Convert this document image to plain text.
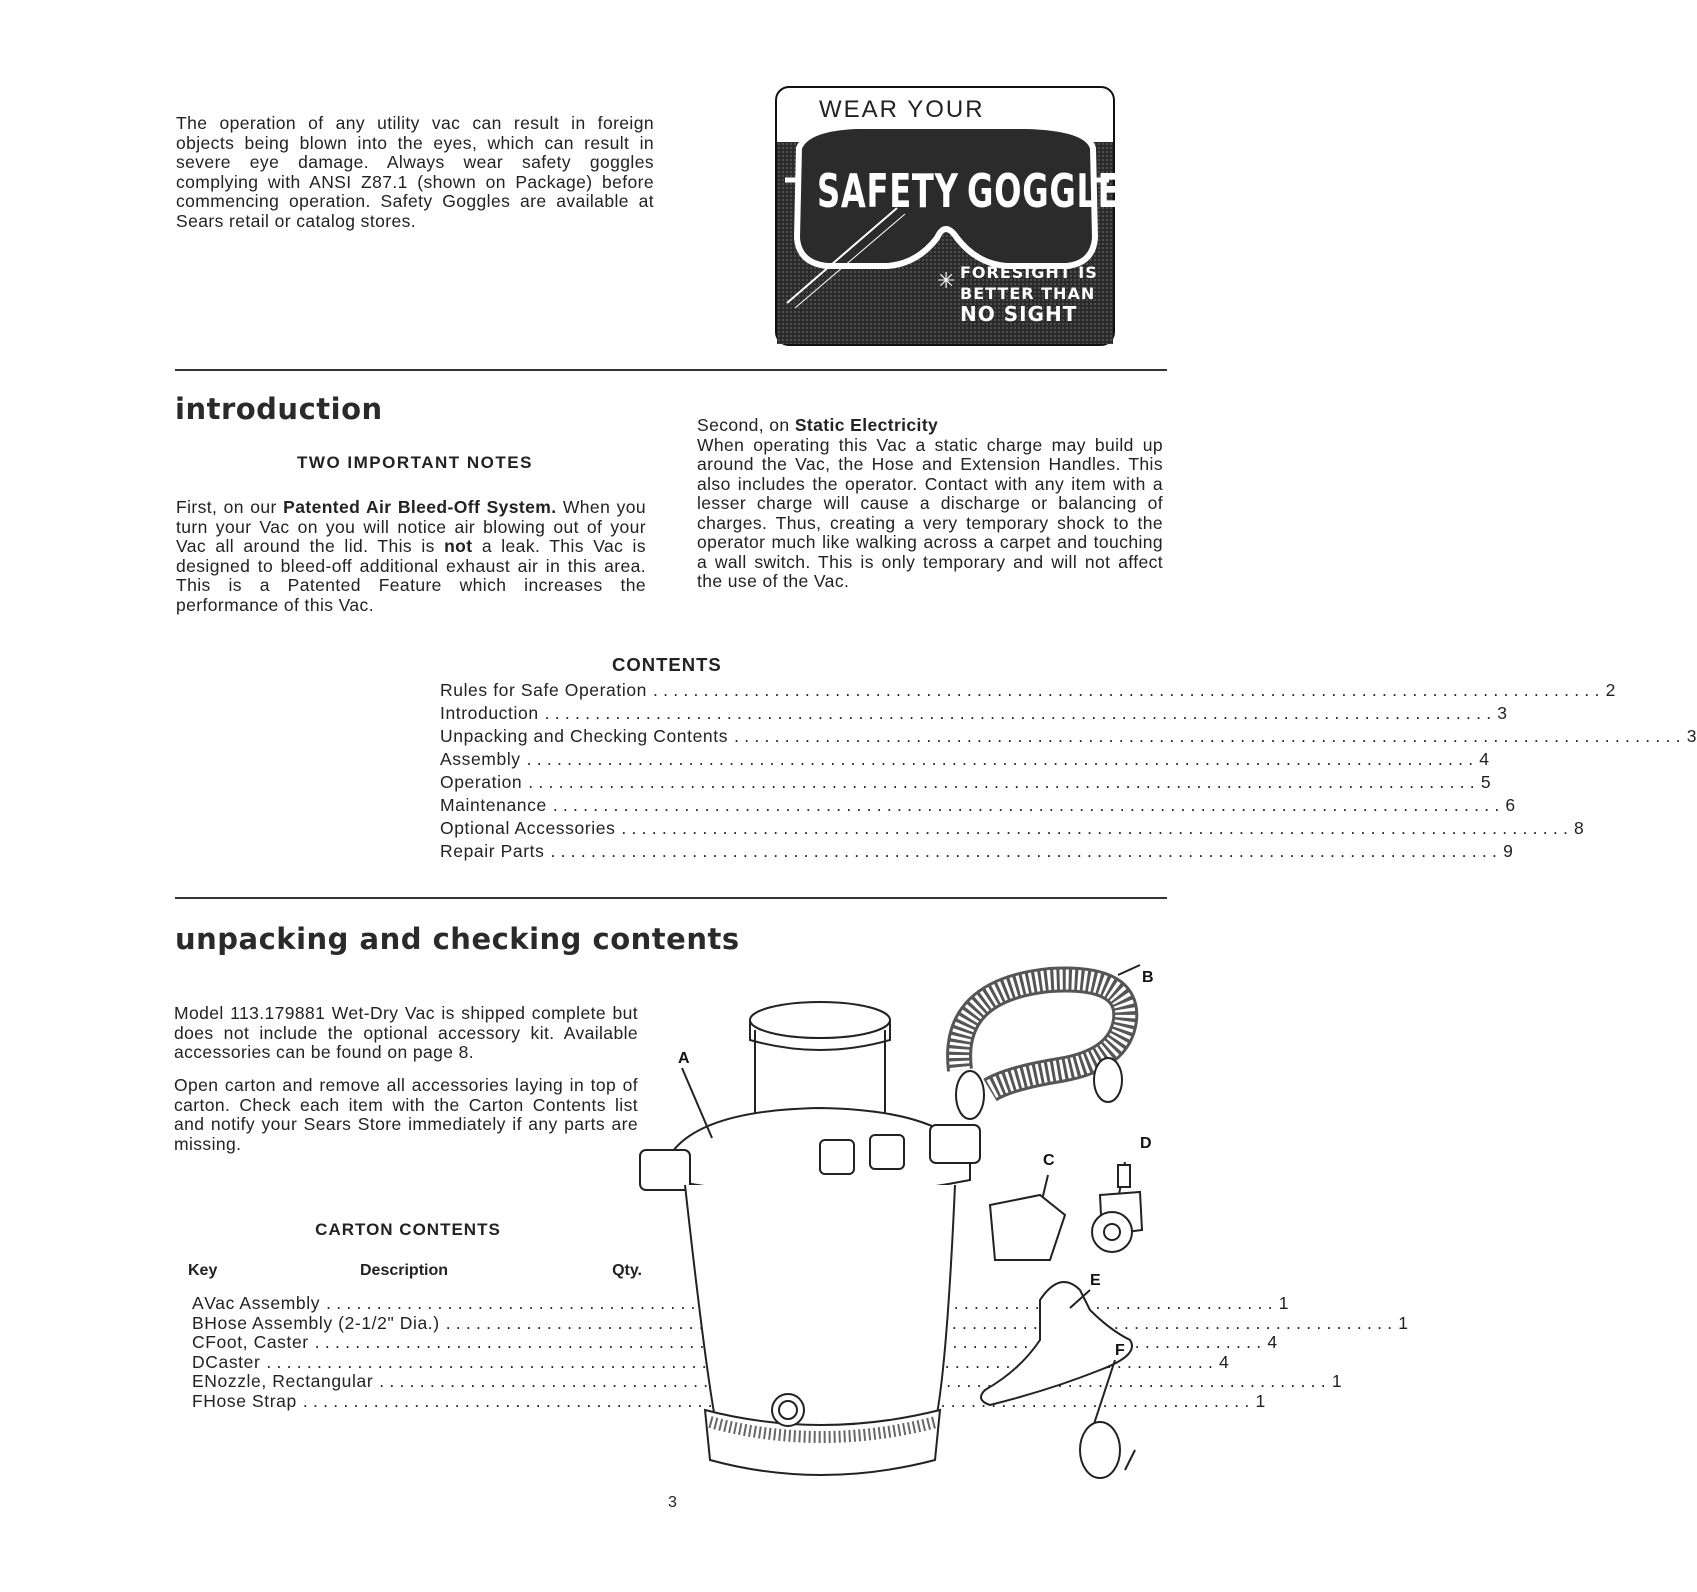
The operation of any utility vac can result in foreign objects being blown into the eyes, which can result in severe eye damage. Always wear safety goggles complying with ANSI Z87.1 (shown on Package) before commencing operation. Safety Goggles are available at Sears retail or catalog stores.
WEAR YOUR
✳
SAFETY GOGGLES
FORESIGHT IS
BETTER THAN
NO SIGHT
introduction
TWO IMPORTANT NOTES
First, on our Patented Air Bleed-Off System. When you turn your Vac on you will notice air blowing out of your Vac all around the lid. This is not a leak. This Vac is designed to bleed-off additional exhaust air in this area. This is a Patented Feature which increases the performance of this Vac.
Second, on Static Electricity
When operating this Vac a static charge may build up around the Vac, the Hose and Extension Handles. This also includes the operator. Contact with any item with a lesser charge will cause a discharge or balancing of charges. Thus, creating a very temporary shock to the operator much like walking across a carpet and touching a wall switch. This is only temporary and will not affect the use of the Vac.
CONTENTS
Rules for Safe Operation . . .	2
Introduction . . .	3
Unpacking and Checking Contents . . .	3
Assembly . . .	4
Operation . . .	5
Maintenance . . .	6
Optional Accessories . . .	8
Repair Parts . . .	9
unpacking and checking contents
Model 113.179881 Wet-Dry Vac is shipped complete but does not include the optional accessory kit. Available accessories can be found on page 8.
Open carton and remove all accessories laying in top of carton. Check each item with the Carton Contents list and notify your Sears Store immediately if any parts are missing.
CARTON CONTENTS
Key	Description	Qty.
A Vac Assembly . . .	1
B Hose Assembly (2-1/2" Dia.) . . .	1
C Foot, Caster . . .	4
D Caster . . .	4
E Nozzle, Rectangular . . .	1
F Hose Strap . . .	1
A
B
C
D
E
F
3
